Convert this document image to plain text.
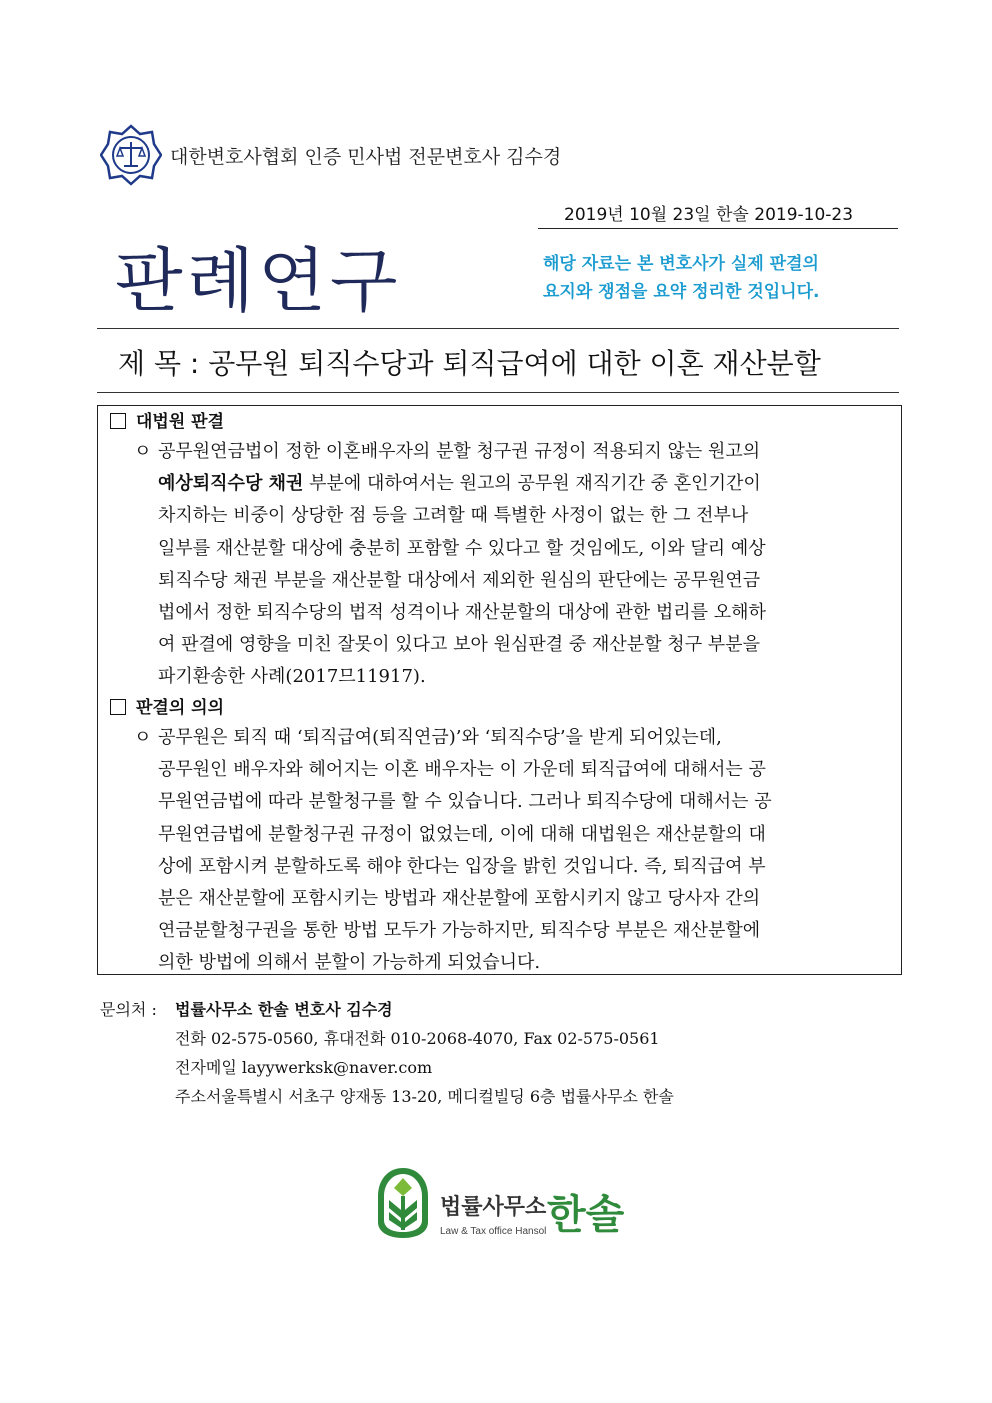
대한변호사협회 인증 민사법 전문변호사 김수경
2019년 10월 23일 한솔 2019-10-23
판례연구	해당 자료는 본 변호사가 실제 판결의
요지와 쟁점을 요약 정리한 것입니다.
제 목 : 공무원 퇴직수당과 퇴직급여에 대한 이혼 재산분할
대법원 판결
ㅇ 공무원연금법이 정한 이혼배우자의 분할 청구권 규정이 적용되지 않는 원고의
예상퇴직수당 채권 부분에 대하여서는 원고의 공무원 재직기간 중 혼인기간이
차지하는 비중이 상당한 점 등을 고려할 때 특별한 사정이 없는 한 그 전부나
일부를 재산분할 대상에 충분히 포함할 수 있다고 할 것임에도, 이와 달리 예상
퇴직수당 채권 부분을 재산분할 대상에서 제외한 원심의 판단에는 공무원연금
법에서 정한 퇴직수당의 법적 성격이나 재산분할의 대상에 관한 법리를 오해하
여 판결에 영향을 미친 잘못이 있다고 보아 원심판결 중 재산분할 청구 부분을
파기환송한 사례(2017므11917).
판결의 의의
ㅇ 공무원은 퇴직 때 ‘퇴직급여(퇴직연금)’와 ‘퇴직수당’을 받게 되어있는데,
공무원인 배우자와 헤어지는 이혼 배우자는 이 가운데 퇴직급여에 대해서는 공
무원연금법에 따라 분할청구를 할 수 있습니다. 그러나 퇴직수당에 대해서는 공
무원연금법에 분할청구권 규정이 없었는데, 이에 대해 대법원은 재산분할의 대
상에 포함시켜 분할하도록 해야 한다는 입장을 밝힌 것입니다. 즉, 퇴직급여 부
분은 재산분할에 포함시키는 방법과 재산분할에 포함시키지 않고 당사자 간의
연금분할청구권을 통한 방법 모두가 가능하지만, 퇴직수당 부분은 재산분할에
의한 방법에 의해서 분할이 가능하게 되었습니다.
문의처 : 법률사무소 한솔 변호사 김수경
전화 02-575-0560, 휴대전화 010-2068-4070, Fax 02-575-0561
전자메일 layywerksk@naver.com
주소서울특별시 서초구 양재동 13-20, 메디컬빌딩 6층 법률사무소 한솔
법률사무소 한솔
Law & Tax office Hansol
